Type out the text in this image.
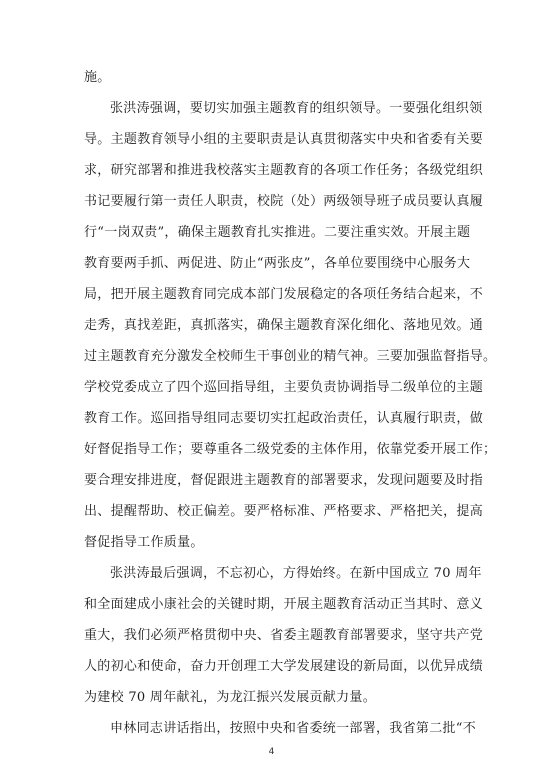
施。
张洪涛强调，要切实加强主题教育的组织领导。一要强化组织领
导。主题教育领导小组的主要职责是认真贯彻落实中央和省委有关要
求，研究部署和推进我校落实主题教育的各项工作任务；各级党组织
书记要履行第一责任人职责，校院（处）两级领导班子成员要认真履
行“一岗双责”，确保主题教育扎实推进。二要注重实效。开展主题
教育要两手抓、两促进、防止“两张皮”，各单位要围绕中心服务大
局，把开展主题教育同完成本部门发展稳定的各项任务结合起来，不
走秀，真找差距，真抓落实，确保主题教育深化细化、落地见效。通
过主题教育充分激发全校师生干事创业的精气神。三要加强监督指导。
学校党委成立了四个巡回指导组，主要负责协调指导二级单位的主题
教育工作。巡回指导组同志要切实扛起政治责任，认真履行职责，做
好督促指导工作；要尊重各二级党委的主体作用，依靠党委开展工作；
要合理安排进度，督促跟进主题教育的部署要求，发现问题要及时指
出、提醒帮助、校正偏差。要严格标准、严格要求、严格把关，提高
督促指导工作质量。
张洪涛最后强调，不忘初心，方得始终。在新中国成立 70 周年
和全面建成小康社会的关键时期，开展主题教育活动正当其时、意义
重大，我们必须严格贯彻中央、省委主题教育部署要求，坚守共产党
人的初心和使命，奋力开创理工大学发展建设的新局面，以优异成绩
为建校 70 周年献礼，为龙江振兴发展贡献力量。
申林同志讲话指出，按照中央和省委统一部署，我省第二批“不
4
